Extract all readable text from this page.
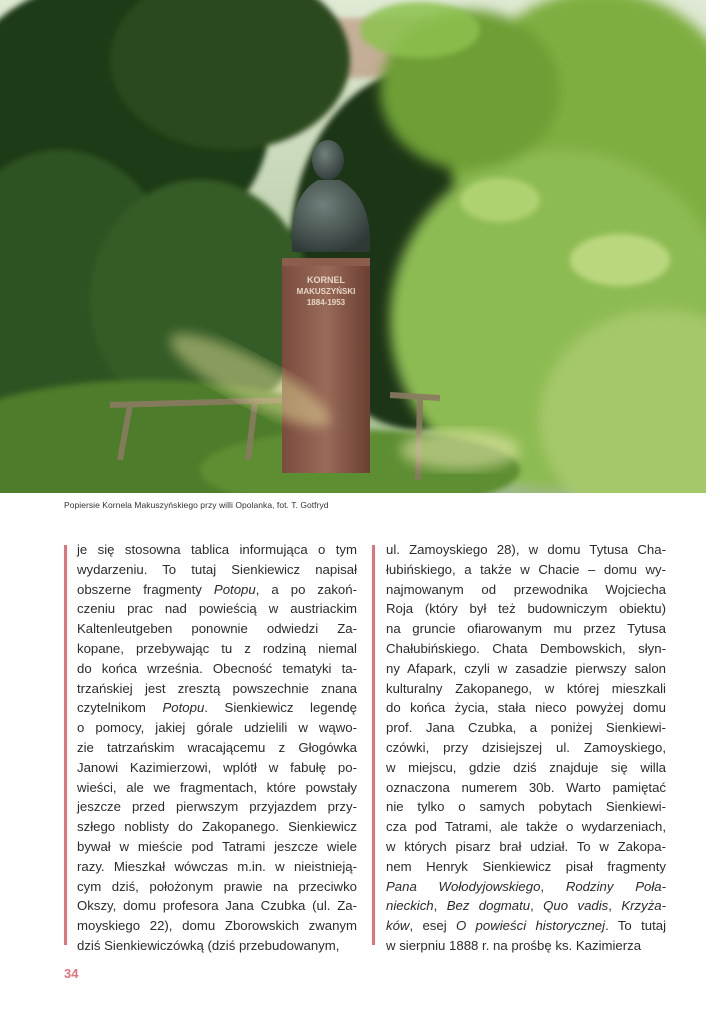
KORNEL
MAKUSZYŃSKI
1884-1953
Popiersie Kornela Makuszyńskiego przy willi Opolanka, fot. T. Gotfryd
je się stosowna tablica informująca o tym
wydarzeniu. To tutaj Sienkiewicz napisał
obszerne fragmenty Potopu, a po zakoń-
czeniu prac nad powieścią w austriackim
Kaltenleutgeben ponownie odwiedzi Za-
kopane, przebywając tu z rodziną niemal
do końca września. Obecność tematyki ta-
trzańskiej jest zresztą powszechnie znana
czytelnikom Potopu. Sienkiewicz legendę
o pomocy, jakiej górale udzielili w wąwo-
zie tatrzańskim wracającemu z Głogówka
Janowi Kazimierzowi, wplótł w fabułę po-
wieści, ale we fragmentach, które powstały
jeszcze przed pierwszym przyjazdem przy-
szłego noblisty do Zakopanego. Sienkiewicz
bywał w mieście pod Tatrami jeszcze wiele
razy. Mieszkał wówczas m.in. w nieistnieją-
cym dziś, położonym prawie na przeciwko
Okszy, domu profesora Jana Czubka (ul. Za-
moyskiego 22), domu Zborowskich zwanym
dziś Sienkiewiczówką (dziś przebudowanym,
ul. Zamoyskiego 28), w domu Tytusa Cha-
łubińskiego, a także w Chacie – domu wy-
najmowanym od przewodnika Wojciecha
Roja (który był też budowniczym obiektu)
na gruncie ofiarowanym mu przez Tytusa
Chałubińskiego. Chata Dembowskich, słyn-
ny Afapark, czyli w zasadzie pierwszy salon
kulturalny Zakopanego, w której mieszkali
do końca życia, stała nieco powyżej domu
prof. Jana Czubka, a poniżej Sienkiewi-
czówki, przy dzisiejszej ul. Zamoyskiego,
w miejscu, gdzie dziś znajduje się willa
oznaczona numerem 30b. Warto pamiętać
nie tylko o samych pobytach Sienkiewi-
cza pod Tatrami, ale także o wydarzeniach,
w których pisarz brał udział. To w Zakopa-
nem Henryk Sienkiewicz pisał fragmenty
Pana Wołodyjowskiego, Rodziny Poła-
nieckich, Bez dogmatu, Quo vadis, Krzyża-
ków, esej O powieści historycznej. To tutaj
w sierpniu 1888 r. na prośbę ks. Kazimierza
34
